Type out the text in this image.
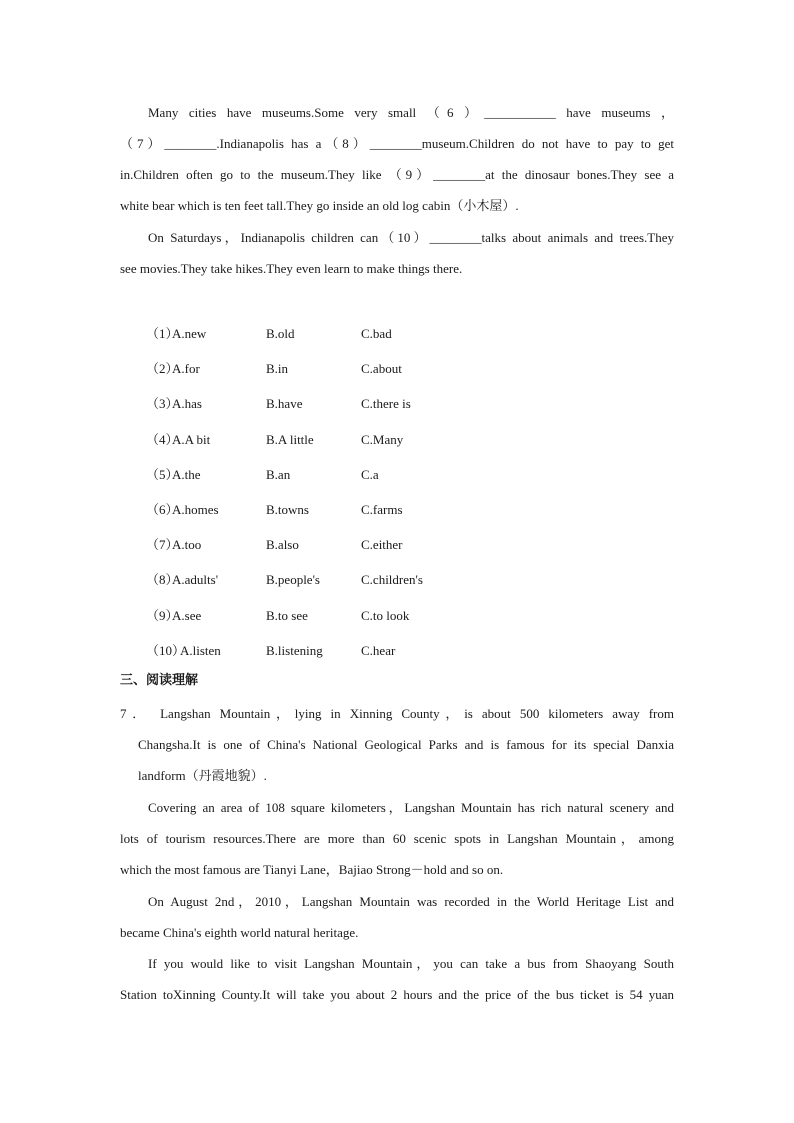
Many cities have museums.Some very small （6 ）___________ have museums ，
（7）________.Indianapolis has a（8）________museum.Children do not have to pay to get
in.Children often go to the museum.They like （9）________at the dinosaur bones.They see a
white bear which is ten feet tall.They go inside an old log cabin（小木屋）.
On Saturdays，Indianapolis children can（10）________talks about animals and trees.They
see movies.They take hikes.They even learn to make things there.
（1）
A.new	B.old	C.bad
（2）
A.for	B.in	C.about
（3）
A.has	B.have	C.there is
（4）
A.A bit	B.A little	C.Many
（5）
A.the	B.an	C.a
（6）
A.homes	B.towns	C.farms
（7）
A.too	B.also	C.either
（8）
A.adults'	B.people's	C.children's
（9）
A.see	B.to see	C.to look
（10）
A.listen	B.listening	C.hear
三、阅读理解
7． Langshan Mountain，lying in Xinning County，is about 500 kilometers away from
Changsha.It is one of China's National Geological Parks and is famous for its special Danxia
landform（丹霞地貌）.
Covering an area of 108 square kilometers，Langshan Mountain has rich natural scenery and
lots of tourism resources.There are more than 60 scenic spots in Langshan Mountain，among
which the most famous are Tianyi Lane，Bajiao Strong－hold and so on.
On August 2nd，2010，Langshan Mountain was recorded in the World Heritage List and
became China's eighth world natural heritage.
If you would like to visit Langshan Mountain，you can take a bus from Shaoyang South
Station toXinning County.It will take you about 2 hours and the price of the bus ticket is 54 yuan
